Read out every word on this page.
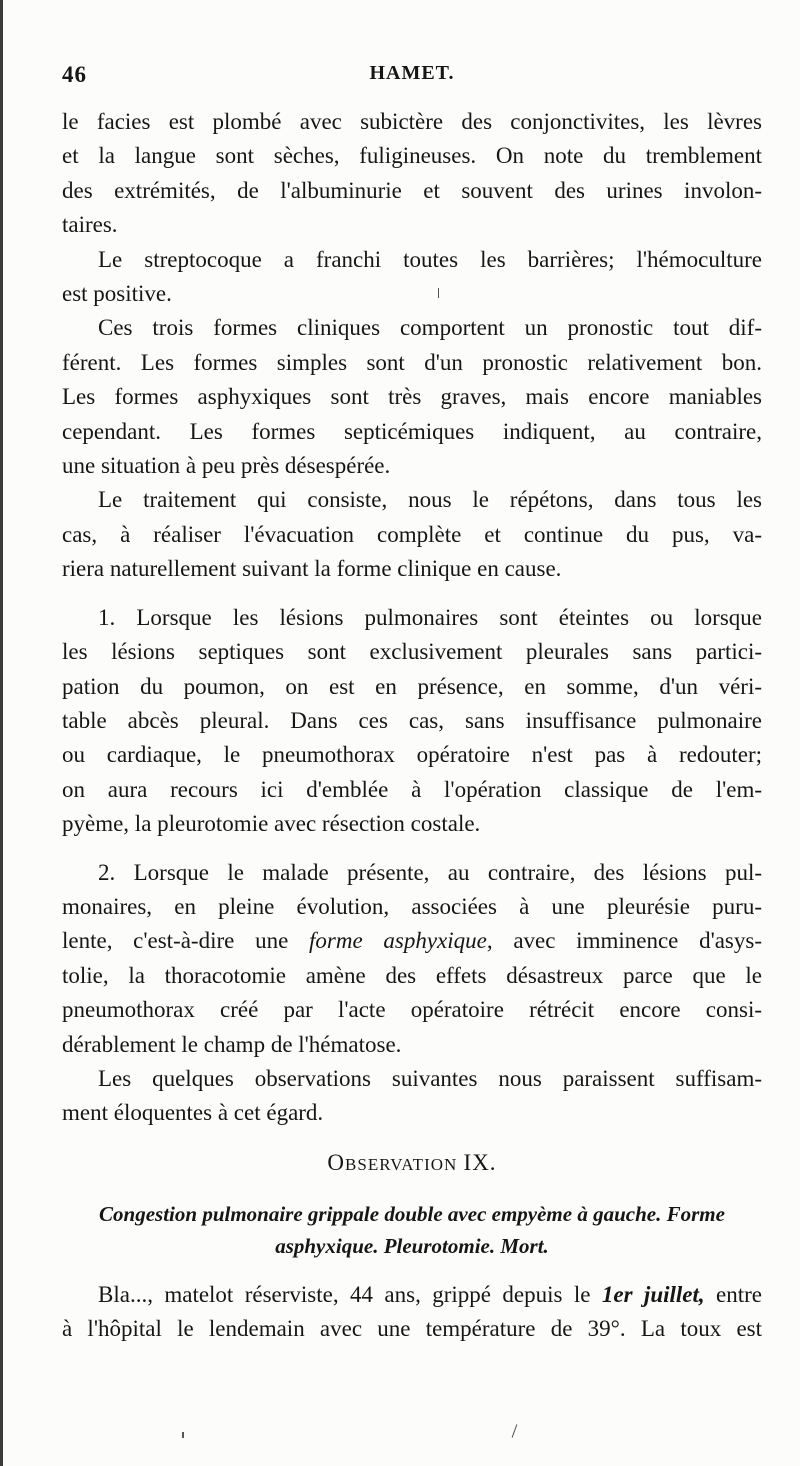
46	HAMET.

le facies est plombé avec subictère des conjonctivites, les lèvres
et la langue sont sèches, fuligineuses. On note du tremblement
des extrémités, de l'albuminurie et souvent des urines involon-
taires.

Le streptocoque a franchi toutes les barrières; l'hémoculture
est positive.

Ces trois formes cliniques comportent un pronostic tout dif-
férent. Les formes simples sont d'un pronostic relativement bon.
Les formes asphyxiques sont très graves, mais encore maniables
cependant. Les formes septicémiques indiquent, au contraire,
une situation à peu près désespérée.

Le traitement qui consiste, nous le répétons, dans tous les
cas, à réaliser l'évacuation complète et continue du pus, va-
riera naturellement suivant la forme clinique en cause.

1. Lorsque les lésions pulmonaires sont éteintes ou lorsque
les lésions septiques sont exclusivement pleurales sans partici-
pation du poumon, on est en présence, en somme, d'un véri-
table abcès pleural. Dans ces cas, sans insuffisance pulmonaire
ou cardiaque, le pneumothorax opératoire n'est pas à redouter;
on aura recours ici d'emblée à l'opération classique de l'em-
pyème, la pleurotomie avec résection costale.

2. Lorsque le malade présente, au contraire, des lésions pul-
monaires, en pleine évolution, associées à une pleurésie puru-
lente, c'est-à-dire une forme asphyxique, avec imminence d'asys-
tolie, la thoracotomie amène des effets désastreux parce que le
pneumothorax créé par l'acte opératoire rétrécit encore consi-
dérablement le champ de l'hématose.

Les quelques observations suivantes nous paraissent suffisam-
ment éloquentes à cet égard.

OBSERVATION IX.
Congestion pulmonaire grippale double avec empyème à gauche. Forme
asphyxique. Pleurotomie. Mort.

Bla..., matelot réserviste, 44 ans, grippé depuis le 1er juillet, entre
à l'hôpital le lendemain avec une température de 39°. La toux est
